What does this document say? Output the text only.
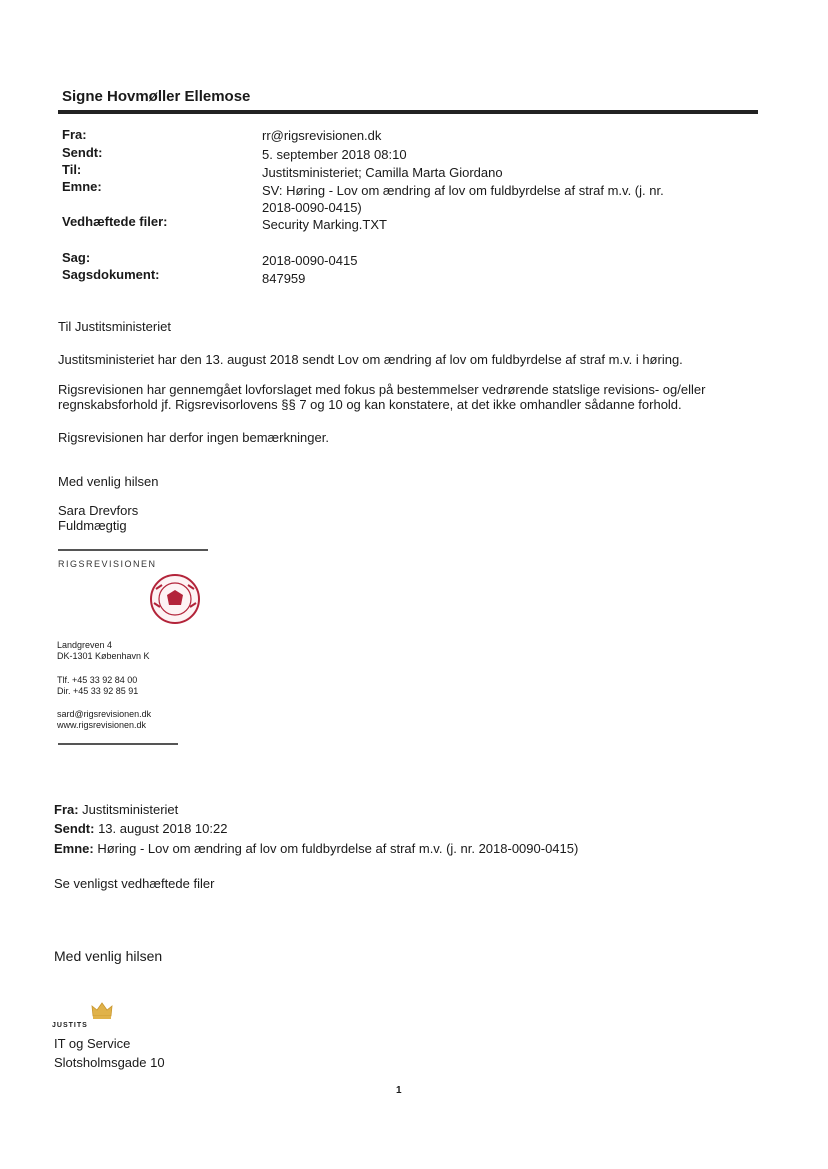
Signe Hovmøller Ellemose
Fra:	rr@rigsrevisionen.dk
Sendt:	5. september 2018 08:10
Til:	Justitsministeriet; Camilla Marta Giordano
Emne:	SV: Høring - Lov om ændring af lov om fuldbyrdelse af straf m.v. (j. nr.
2018-0090-0415)
Vedhæftede filer:	Security Marking.TXT
Sag:	2018-0090-0415
Sagsdokument:	847959
Til Justitsministeriet
Justitsministeriet har den 13. august 2018 sendt Lov om ændring af lov om fuldbyrdelse af straf m.v. i høring.
Rigsrevisionen har gennemgået lovforslaget med fokus på bestemmelser vedrørende statslige revisions- og/eller
regnskabsforhold jf. Rigsrevisorlovens §§ 7 og 10 og kan konstatere, at det ikke omhandler sådanne forhold.
Rigsrevisionen har derfor ingen bemærkninger.
Med venlig hilsen
Sara Drevfors
Fuldmægtig
RIGSREVISIONEN
Landgreven 4
DK-1301 København K
Tlf. +45 33 92 84 00
Dir. +45 33 92 85 91
sard@rigsrevisionen.dk
www.rigsrevisionen.dk
Fra: Justitsministeriet
Sendt: 13. august 2018 10:22
Emne: Høring - Lov om ændring af lov om fuldbyrdelse af straf m.v. (j. nr. 2018-0090-0415)
Se venligst vedhæftede filer
Med venlig hilsen
JUSTITS
IT og Service
Slotsholmsgade 10
1
